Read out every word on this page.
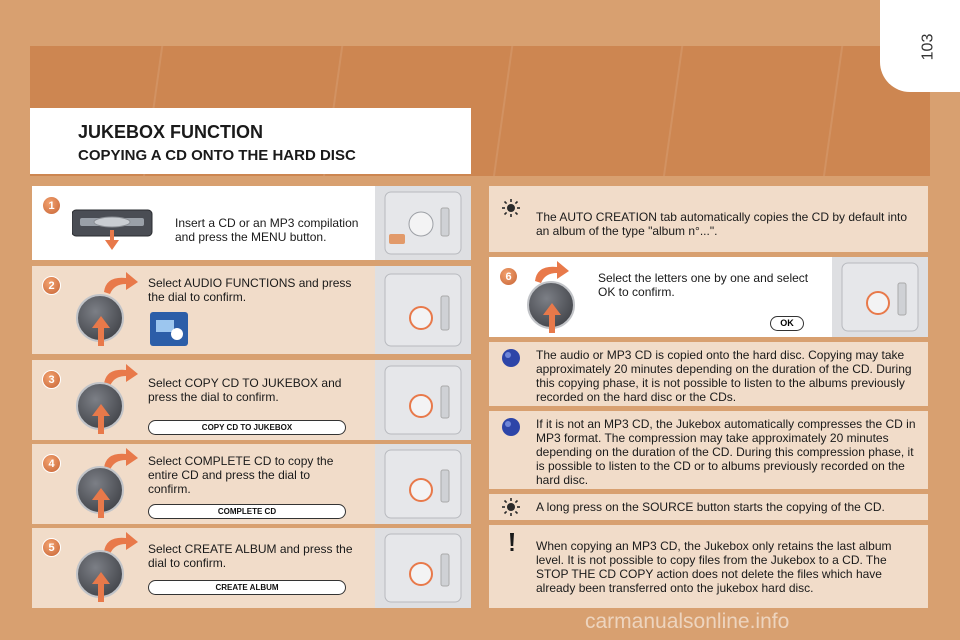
103
JUKEBOX FUNCTION
COPYING A CD ONTO THE HARD DISC
1
Insert a CD or an MP3 compilation and press the MENU button.
2	Select AUDIO FUNCTIONS and press the dial to confirm.
3	Select COPY CD TO JUKEBOX and press the dial to confirm.
COPY CD TO JUKEBOX
4	Select COMPLETE CD to copy the entire CD and press the dial to confirm.
COMPLETE CD
5	Select CREATE ALBUM and press the dial to confirm.
CREATE ALBUM
The AUTO CREATION tab automatically copies the CD by default into an album of the type "album n°...".
6	Select the letters one by one and select OK to confirm.
OK
The audio or MP3 CD is copied onto the hard disc. Copying may take approximately 20 minutes depending on the duration of the CD. During this copying phase, it is not possible to listen to the albums previously recorded on the hard disc or the CDs.
If it is not an MP3 CD, the Jukebox automatically compresses the CD in MP3 format. The compression may take approximately 20 minutes depending on the duration of the CD. During this compression phase, it is possible to listen to the CD or to albums previously recorded on the hard disc.
A long press on the SOURCE button starts the copying of the CD.
When copying an MP3 CD, the Jukebox only retains the last album level. It is not possible to copy files from the Jukebox to a CD. The STOP THE CD COPY action does not delete the files which have already been transferred onto the jukebox hard disc.
carmanualsonline.info
